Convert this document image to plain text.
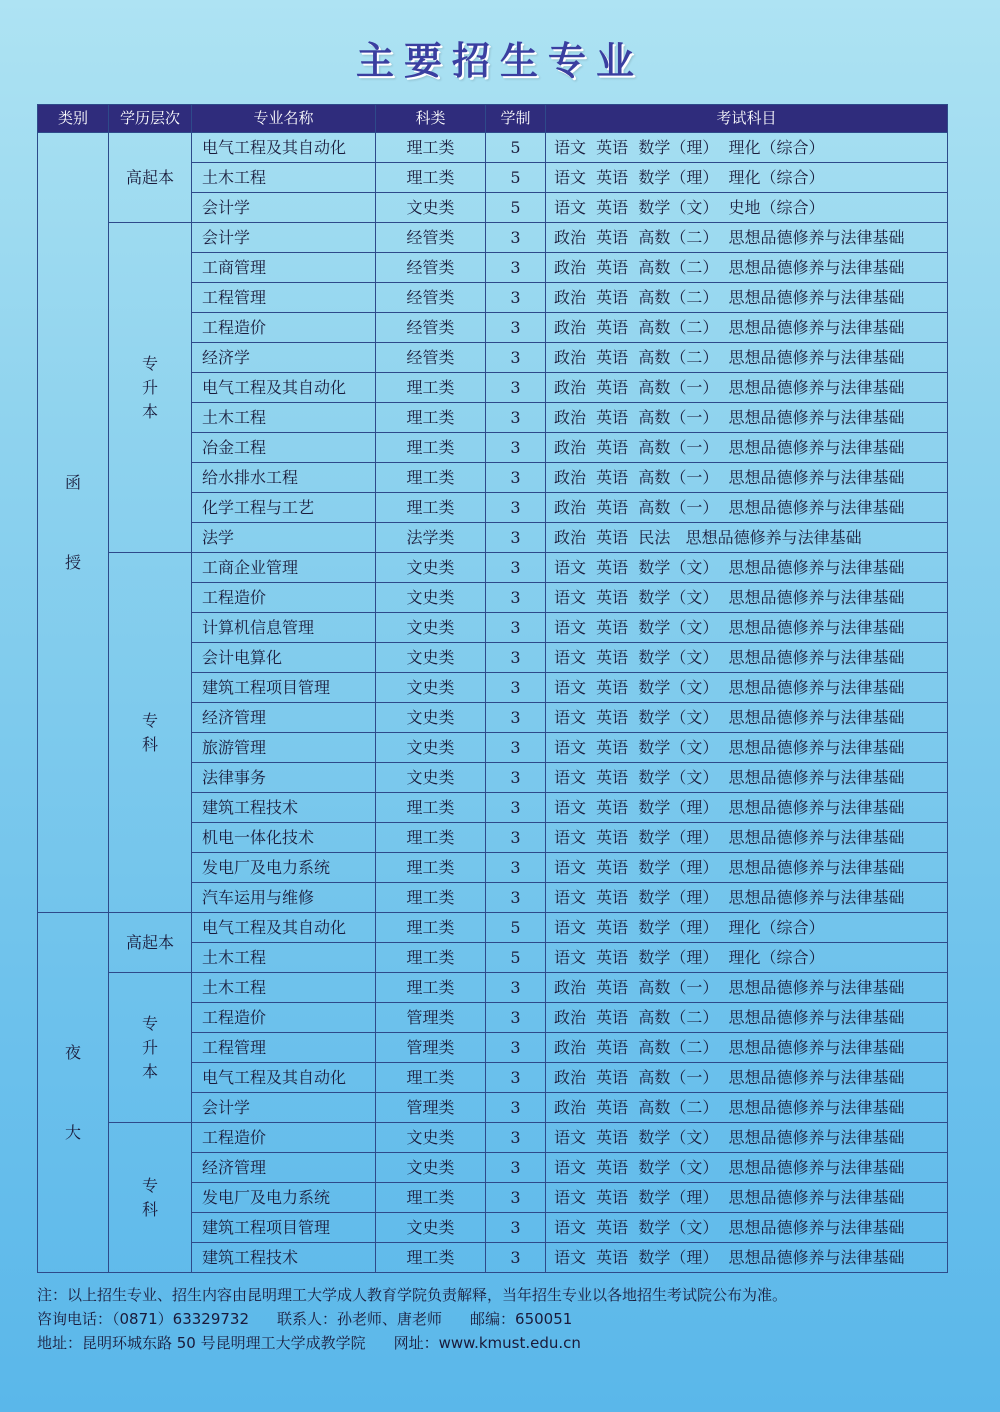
主要招生专业
类别	学历层次	专业名称	科类	学制	考试科目

函
授	高起本	电气工程及其自动化	理工类	5	语文  英语  数学（理）  理化（综合）
		土木工程	理工类	5	语文  英语  数学（理）  理化（综合）
		会计学	文史类	5	语文  英语  数学（文）  史地（综合）

	专
升
本	会计学	经管类	3	政治  英语  高数（二）  思想品德修养与法律基础
		工商管理	经管类	3	政治  英语  高数（二）  思想品德修养与法律基础
		工程管理	经管类	3	政治  英语  高数（二）  思想品德修养与法律基础
		工程造价	经管类	3	政治  英语  高数（二）  思想品德修养与法律基础
		经济学	经管类	3	政治  英语  高数（二）  思想品德修养与法律基础
		电气工程及其自动化	理工类	3	政治  英语  高数（一）  思想品德修养与法律基础
		土木工程	理工类	3	政治  英语  高数（一）  思想品德修养与法律基础
		冶金工程	理工类	3	政治  英语  高数（一）  思想品德修养与法律基础
		给水排水工程	理工类	3	政治  英语  高数（一）  思想品德修养与法律基础
		化学工程与工艺	理工类	3	政治  英语  高数（一）  思想品德修养与法律基础
		法学	法学类	3	政治  英语  民法   思想品德修养与法律基础

	专
科	工商企业管理	文史类	3	语文  英语  数学（文）  思想品德修养与法律基础
		工程造价	文史类	3	语文  英语  数学（文）  思想品德修养与法律基础
		计算机信息管理	文史类	3	语文  英语  数学（文）  思想品德修养与法律基础
		会计电算化	文史类	3	语文  英语  数学（文）  思想品德修养与法律基础
		建筑工程项目管理	文史类	3	语文  英语  数学（文）  思想品德修养与法律基础
		经济管理	文史类	3	语文  英语  数学（文）  思想品德修养与法律基础
		旅游管理	文史类	3	语文  英语  数学（文）  思想品德修养与法律基础
		法律事务	文史类	3	语文  英语  数学（文）  思想品德修养与法律基础
		建筑工程技术	理工类	3	语文  英语  数学（理）  思想品德修养与法律基础
		机电一体化技术	理工类	3	语文  英语  数学（理）  思想品德修养与法律基础
		发电厂及电力系统	理工类	3	语文  英语  数学（理）  思想品德修养与法律基础
		汽车运用与维修	理工类	3	语文  英语  数学（理）  思想品德修养与法律基础

夜
大	高起本	电气工程及其自动化	理工类	5	语文  英语  数学（理）  理化（综合）
		土木工程	理工类	5	语文  英语  数学（理）  理化（综合）

	专
升
本	土木工程	理工类	3	政治  英语  高数（一）  思想品德修养与法律基础
		工程造价	管理类	3	政治  英语  高数（二）  思想品德修养与法律基础
		工程管理	管理类	3	政治  英语  高数（二）  思想品德修养与法律基础
		电气工程及其自动化	理工类	3	政治  英语  高数（一）  思想品德修养与法律基础
		会计学	管理类	3	政治  英语  高数（二）  思想品德修养与法律基础

	专
科	工程造价	文史类	3	语文  英语  数学（文）  思想品德修养与法律基础
		经济管理	文史类	3	语文  英语  数学（文）  思想品德修养与法律基础
		发电厂及电力系统	理工类	3	语文  英语  数学（理）  思想品德修养与法律基础
		建筑工程项目管理	文史类	3	语文  英语  数学（文）  思想品德修养与法律基础
		建筑工程技术	理工类	3	语文  英语  数学（理）  思想品德修养与法律基础
注：以上招生专业、招生内容由昆明理工大学成人教育学院负责解释，当年招生专业以各地招生考试院公布为准。
咨询电话：（0871）63329732 联系人：孙老师、唐老师 邮编：650051
地址：昆明环城东路 50 号昆明理工大学成教学院 网址：www.kmust.edu.cn
